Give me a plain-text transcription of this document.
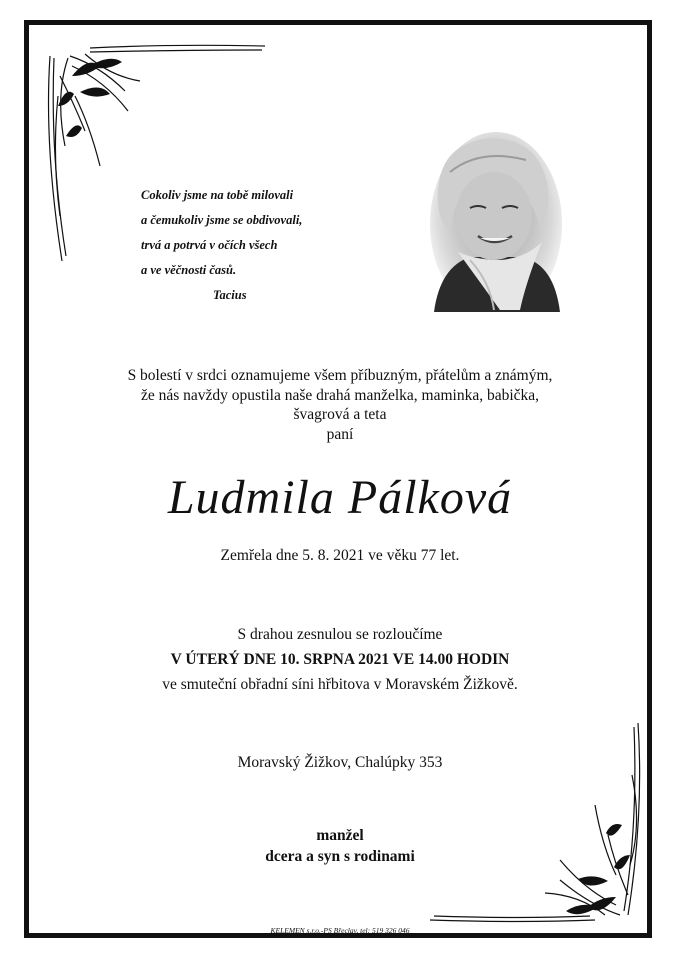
Cokoliv jsme na tobě milovali
a čemukoliv jsme se obdivovali,
trvá a potrvá v očích všech
a ve věčnosti časů.
Tacius
S bolestí v srdci oznamujeme všem příbuzným, přátelům a známým,
že nás navždy opustila naše drahá manželka, maminka, babička,
švagrová a teta
paní
Ludmila Pálková
Zemřela dne 5. 8. 2021 ve věku 77 let.
S drahou zesnulou se rozloučíme
V ÚTERÝ DNE 10. SRPNA 2021 VE 14.00 HODIN
ve smuteční obřadní síni hřbitova v Moravském Žižkově.
Moravský Žižkov, Chalúpky 353
manžel
dcera a syn s rodinami
KELEMEN s.r.o.-PS Břeclav, tel: 519 326 046
